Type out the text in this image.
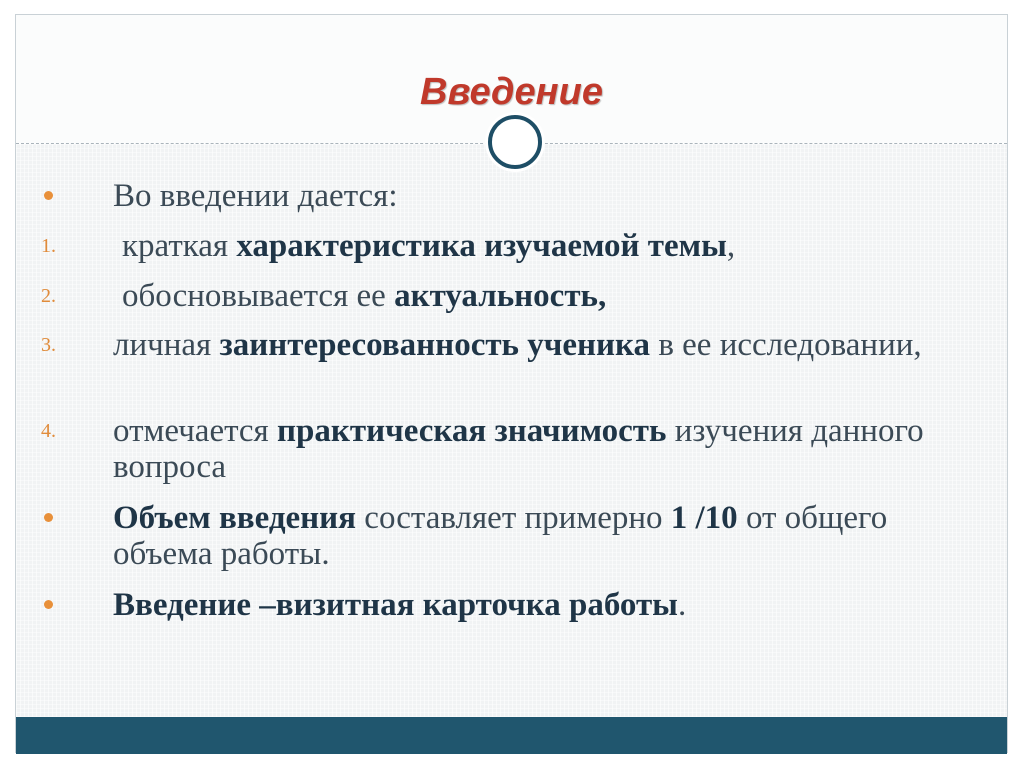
Введение
Во введении дается:
1. краткая характеристика изучаемой темы,
2. обосновывается ее актуальность,
3. личная заинтересованность ученика в ее исследовании,
4. отмечается практическая значимость изучения данного вопроса
Объем введения составляет примерно 1 /10 от общего объема работы.
Введение –визитная карточка работы.
